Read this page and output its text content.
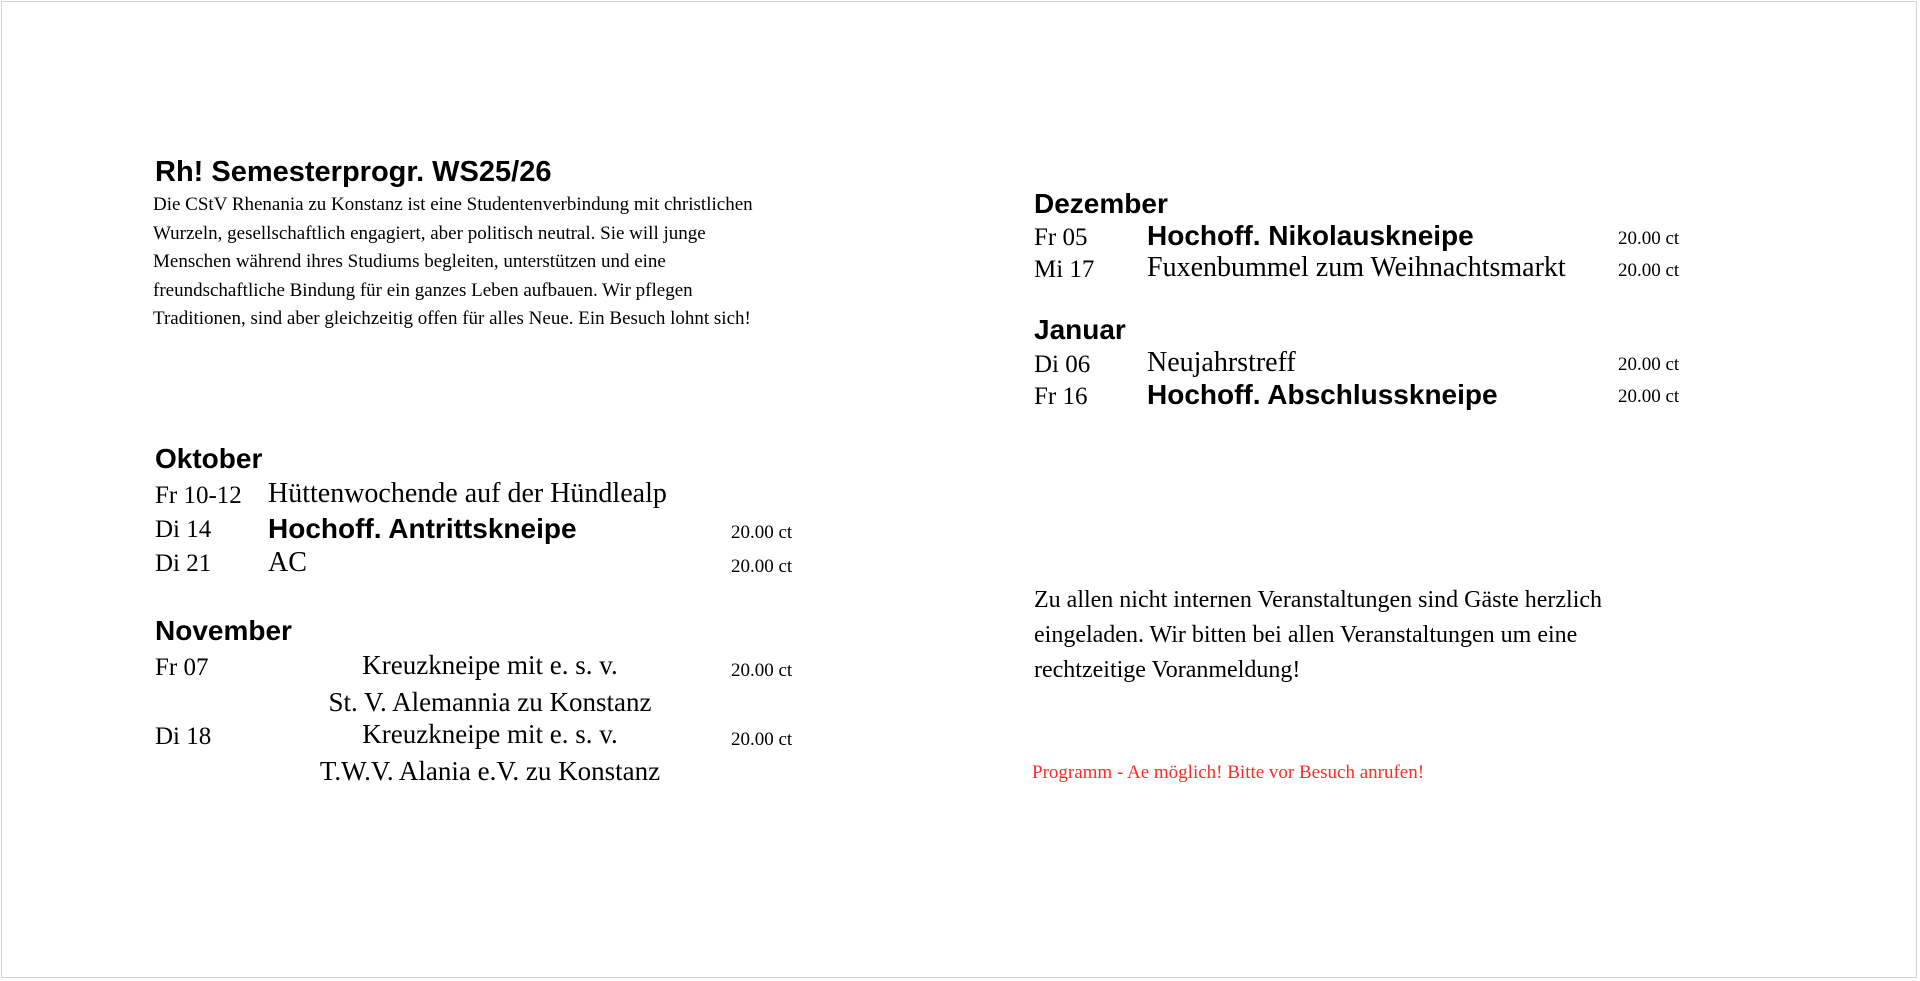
Rh! Semesterprogr. WS25/26

Die CStV Rhenania zu Konstanz ist eine Studentenverbindung mit christlichen Wurzeln, gesellschaftlich engagiert, aber politisch neutral. Sie will junge Menschen während ihres Studiums begleiten, unterstützen und eine freundschaftliche Bindung für ein ganzes Leben aufbauen. Wir pflegen Traditionen, sind aber gleichzeitig offen für alles Neue. Ein Besuch lohnt sich!

Oktober
Fr 10-12 Hüttenwochende auf der Hündlealp
Di 14 Hochoff. Antrittskneipe	20.00 ct
Di 21 AC	20.00 ct
November
Fr 07	Kreuzkneipe mit e. s. v.
St. V. Alemannia zu Konstanz
20.00 ct
Di 18	Kreuzkneipe mit e. s. v.
T.W.V. Alania e.V. zu Konstanz
20.00 ct
Dezember
Fr 05 Hochoff. Nikolauskneipe	20.00 ct
Mi 17 Fuxenbummel zum Weihnachtsmarkt	20.00 ct
Januar
Di 06 Neujahrstreff	20.00 ct
Fr 16 Hochoff. Abschlusskneipe	20.00 ct

Zu allen nicht internen Veranstaltungen sind Gäste herzlich eingeladen. Wir bitten bei allen Veranstaltungen um eine rechtzeitige Voranmeldung!

Programm - Ae möglich! Bitte vor Besuch anrufen!
